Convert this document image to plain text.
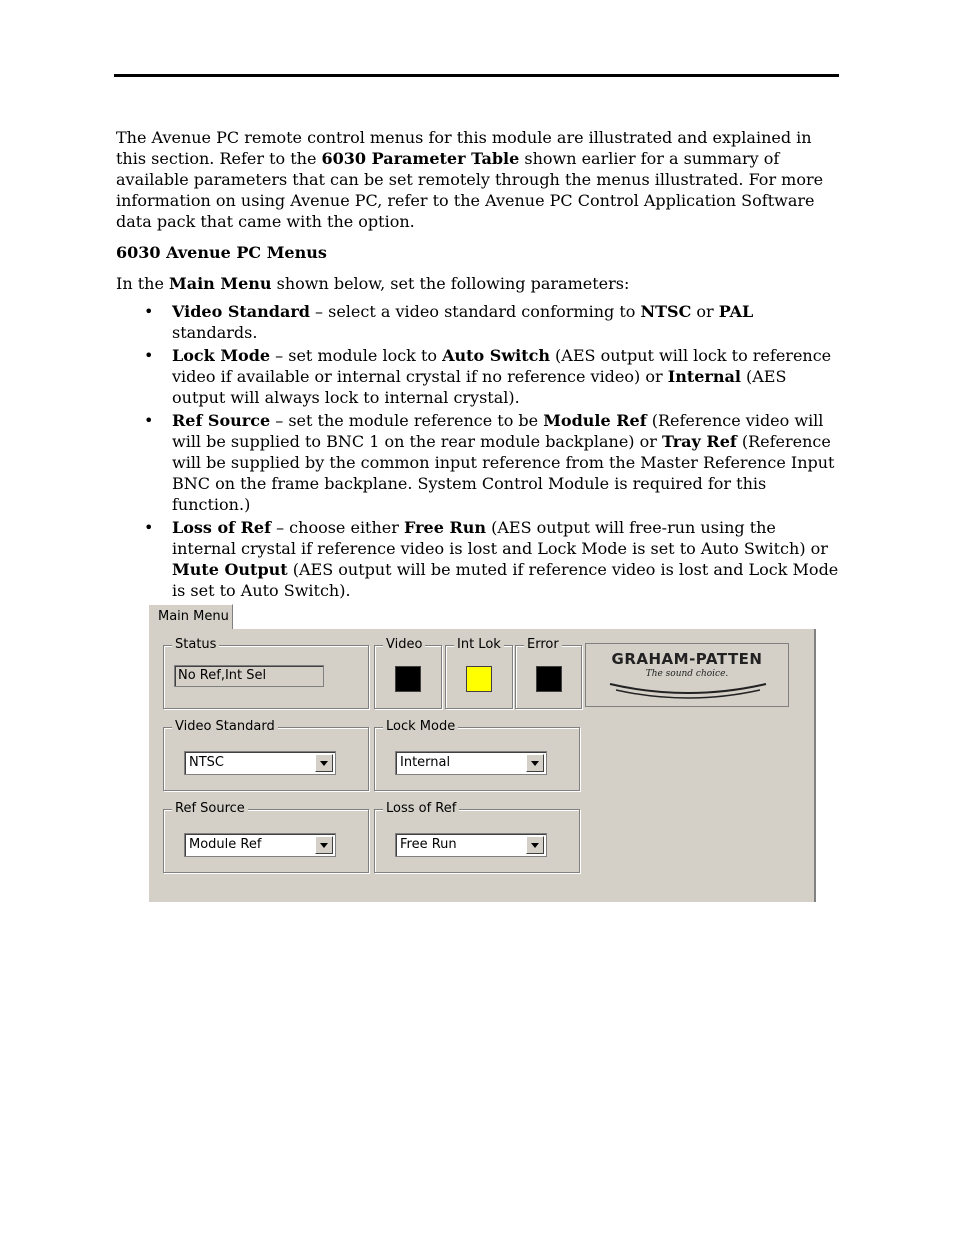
The Avenue PC remote control menus for this module are illustrated and explained in this section. Refer to the 6030 Parameter Table shown earlier for a summary of available parameters that can be set remotely through the menus illustrated. For more information on using Avenue PC, refer to the Avenue PC Control Application Software data pack that came with the option.
6030 Avenue PC Menus
In the Main Menu shown below, set the following parameters:
• Video Standard – select a video standard conforming to NTSC or PAL standards.
• Lock Mode – set module lock to Auto Switch (AES output will lock to reference video if available or internal crystal if no reference video) or Internal (AES output will always lock to internal crystal).
• Ref Source – set the module reference to be Module Ref (Reference video will will be supplied to BNC 1 on the rear module backplane) or Tray Ref (Reference will be supplied by the common input reference from the Master Reference Input BNC on the frame backplane. System Control Module is required for this function.)
• Loss of Ref – choose either Free Run (AES output will free-run using the internal crystal if reference video is lost and Lock Mode is set to Auto Switch) or Mute Output (AES output will be muted if reference video is lost and Lock Mode is set to Auto Switch).
Main Menu
Status
No Ref,Int Sel
Video	Int Lok Error
GRAHAM-PATTEN
The sound choice.
Video Standard
NTSC
Lock Mode
Internal
Ref Source
Module Ref
Loss of Ref
Free Run
